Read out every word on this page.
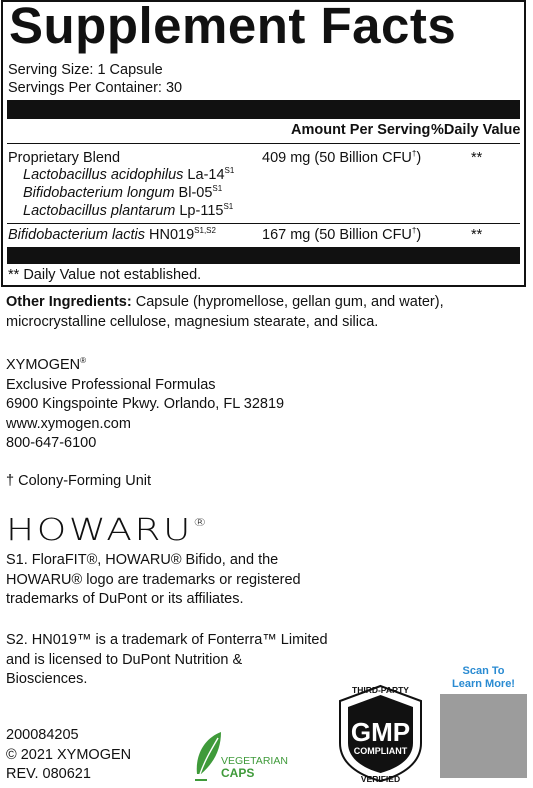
Supplement Facts
Serving Size: 1 Capsule
Servings Per Container: 30
Amount Per Serving %Daily Value
Proprietary Blend	409 mg (50 Billion CFU†)	**
Lactobacillus acidophilus $La-14^{S1}$
Bifidobacterium longum $Bl-05^{S1}$
Lactobacillus plantarum $Lp-115^{S1}$
Bifidobacterium lactis $HN019^{S1,S2}$	167 mg (50 Billion CFU†)	**
** Daily Value not established.
Other Ingredients: Capsule (hypromellose, gellan gum, and water),
microcrystalline cellulose, magnesium stearate, and silica.
XYMOGEN®
Exclusive Professional Formulas
6900 Kingspointe Pkwy. Orlando, FL 32819
www.xymogen.com
800-647-6100
† Colony-Forming Unit
HOWARU®
S1. FloraFIT®, HOWARU® Bifido, and the
HOWARU® logo are trademarks or registered
trademarks of DuPont or its affiliates.
S2. HN019™ is a trademark of Fonterra™ Limited
and is licensed to DuPont Nutrition &
Biosciences.
200084205
© 2021 XYMOGEN
REV. 080621
VEGETARIAN
CAPS
THIRD-PARTY
GMP
COMPLIANT
VERIFIED
Scan To
Learn More!
